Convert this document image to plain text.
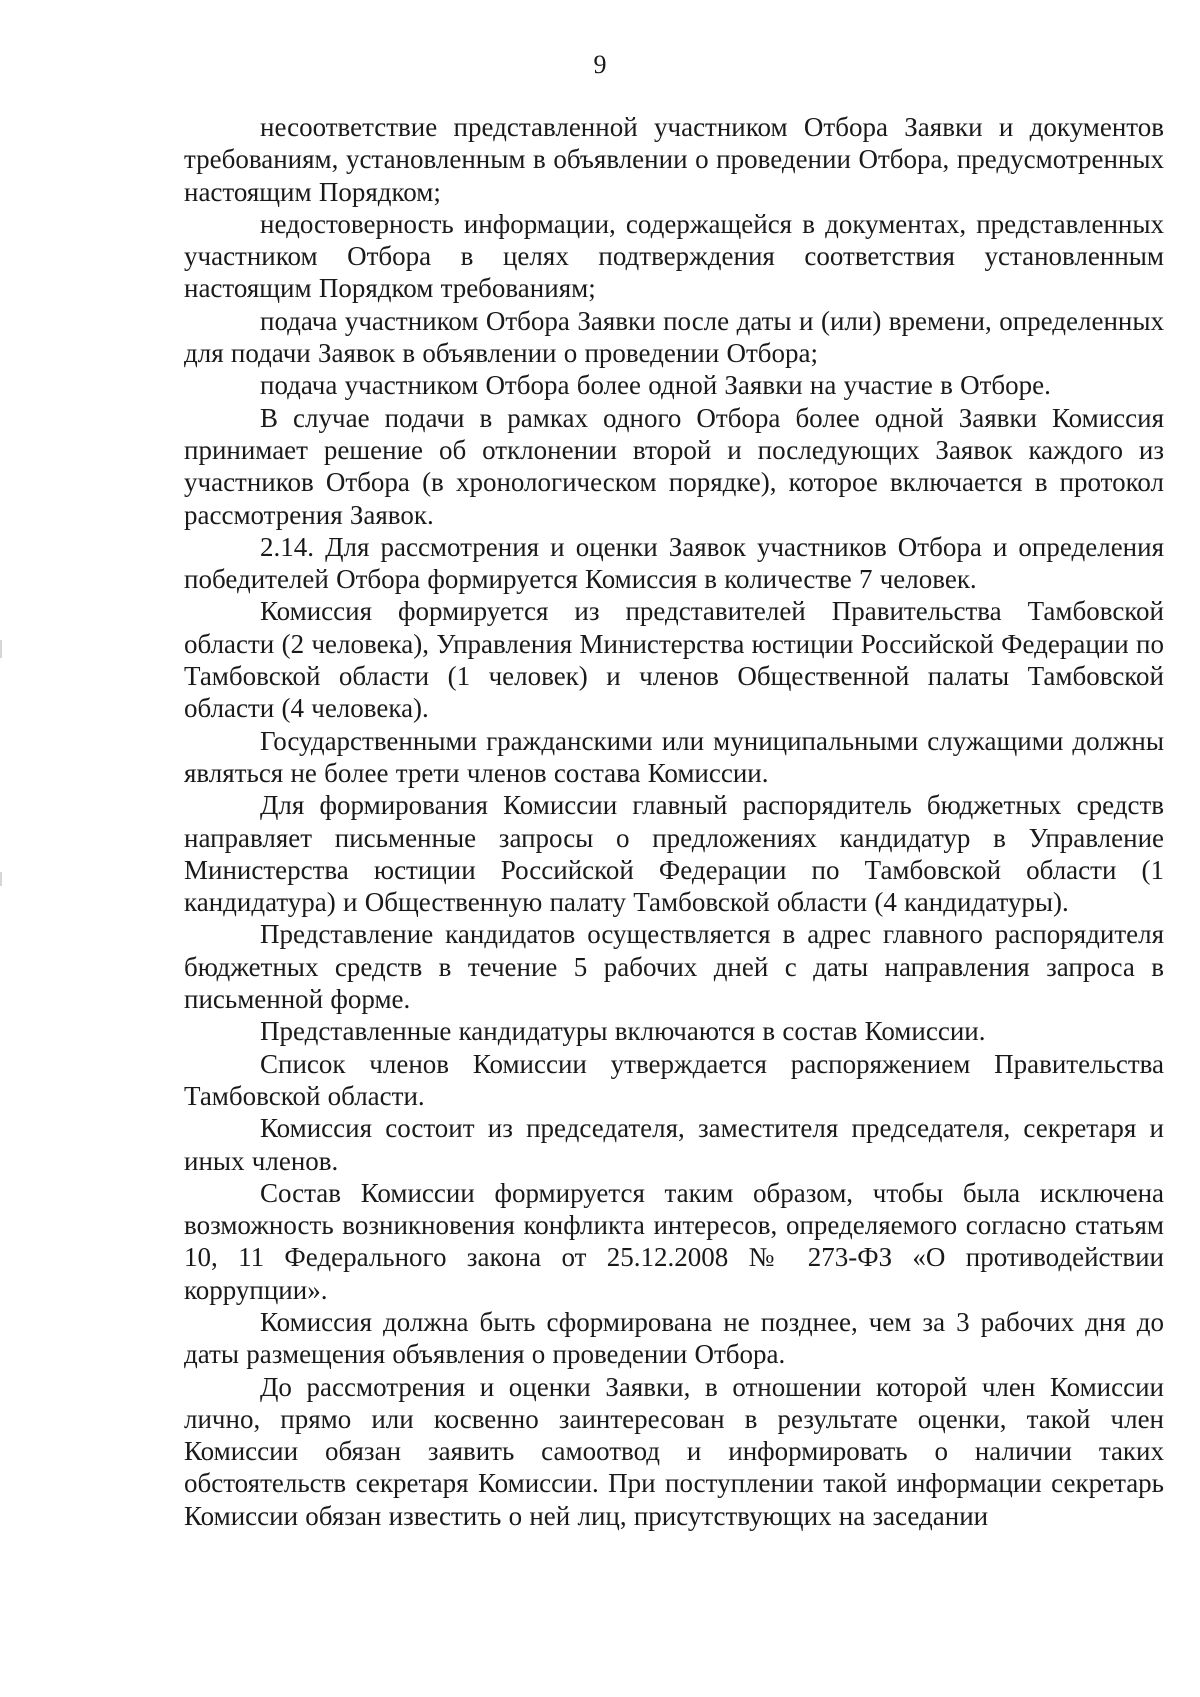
9

несоответствие представленной участником Отбора Заявки и документов требованиям, установленным в объявлении о проведении Отбора, предусмотренных настоящим Порядком;

недостоверность информации, содержащейся в документах, представленных участником Отбора в целях подтверждения соответствия установленным настоящим Порядком требованиям;

подача участником Отбора Заявки после даты и (или) времени, определенных для подачи Заявок в объявлении о проведении Отбора;

подача участником Отбора более одной Заявки на участие в Отборе.

В случае подачи в рамках одного Отбора более одной Заявки Комиссия принимает решение об отклонении второй и последующих Заявок каждого из участников Отбора (в хронологическом порядке), которое включается в протокол рассмотрения Заявок.

2.14. Для рассмотрения и оценки Заявок участников Отбора и определения победителей Отбора формируется Комиссия в количестве 7 человек.

Комиссия формируется из представителей Правительства Тамбовской области (2 человека), Управления Министерства юстиции Российской Федерации по Тамбовской области (1 человек) и членов Общественной палаты Тамбовской области (4 человека).

Государственными гражданскими или муниципальными служащими должны являться не более трети членов состава Комиссии.

Для формирования Комиссии главный распорядитель бюджетных средств направляет письменные запросы о предложениях кандидатур в Управление Министерства юстиции Российской Федерации по Тамбовской области (1 кандидатура) и Общественную палату Тамбовской области (4 кандидатуры).

Представление кандидатов осуществляется в адрес главного распорядителя бюджетных средств в течение 5 рабочих дней с даты направления запроса в письменной форме.

Представленные кандидатуры включаются в состав Комиссии.

Список членов Комиссии утверждается распоряжением Правительства Тамбовской области.

Комиссия состоит из председателя, заместителя председателя, секретаря и иных членов.

Состав Комиссии формируется таким образом, чтобы была исключена возможность возникновения конфликта интересов, определяемого согласно статьям 10, 11 Федерального закона от 25.12.2008 № 273-ФЗ «О противодействии коррупции».

Комиссия должна быть сформирована не позднее, чем за 3 рабочих дня до даты размещения объявления о проведении Отбора.

До рассмотрения и оценки Заявки, в отношении которой член Комиссии лично, прямо или косвенно заинтересован в результате оценки, такой член Комиссии обязан заявить самоотвод и информировать о наличии таких обстоятельств секретаря Комиссии. При поступлении такой информации секретарь Комиссии обязан известить о ней лиц, присутствующих на заседании
